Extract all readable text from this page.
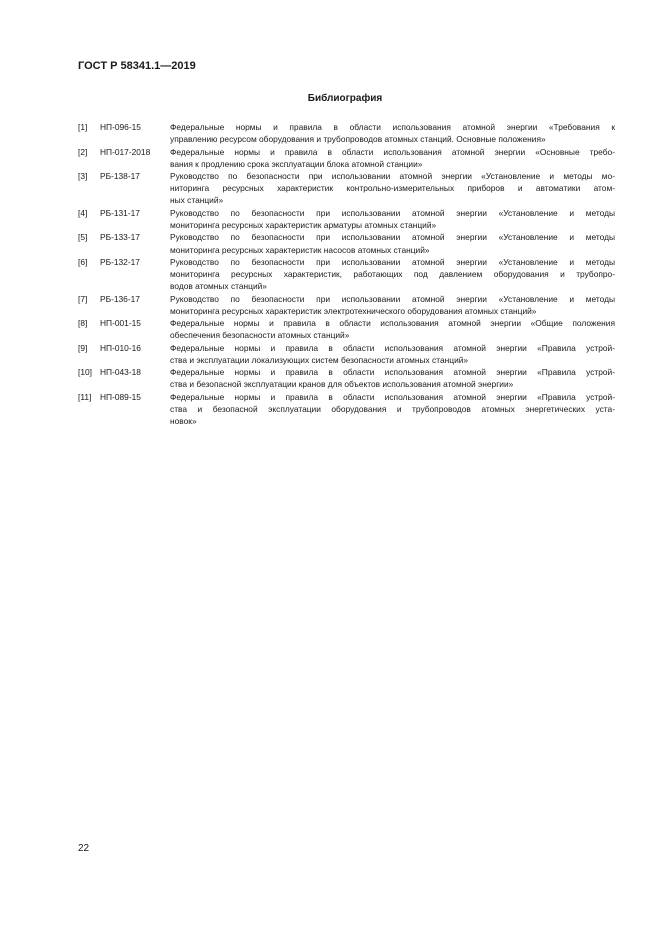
ГОСТ Р 58341.1—2019
Библиография
[1]	НП-096-15	Федеральные нормы и правила в области использования атомной энергии «Требования к
управлению ресурсом оборудования и трубопроводов атомных станций. Основные положения»
[2]	НП-017-2018	Федеральные нормы и правила в области использования атомной энергии «Основные требо-
вания к продлению срока эксплуатации блока атомной станции»
[3]	РБ-138-17	Руководство по безопасности при использовании атомной энергии «Установление и методы мо-
ниторинга ресурсных характеристик контрольно-измерительных приборов и автоматики атом-
ных станций»
[4]	РБ-131-17	Руководство по безопасности при использовании атомной энергии «Установление и методы
мониторинга ресурсных характеристик арматуры атомных станций»
[5]	РБ-133-17	Руководство по безопасности при использовании атомной энергии «Установление и методы
мониторинга ресурсных характеристик насосов атомных станций»
[6]	РБ-132-17	Руководство по безопасности при использовании атомной энергии «Установление и методы
мониторинга ресурсных характеристик, работающих под давлением оборудования и трубопро-
водов атомных станций»
[7]	РБ-136-17	Руководство по безопасности при использовании атомной энергии «Установление и методы
мониторинга ресурсных характеристик электротехнического оборудования атомных станций»
[8]	НП-001-15	Федеральные нормы и правила в области использования атомной энергии «Общие положения
обеспечения безопасности атомных станций»
[9]	НП-010-16	Федеральные нормы и правила в области использования атомной энергии «Правила устрой-
ства и эксплуатации локализующих систем безопасности атомных станций»
[10] НП-043-18	Федеральные нормы и правила в области использования атомной энергии «Правила устрой-
ства и безопасной эксплуатации кранов для объектов использования атомной энергии»
[11]	НП-089-15	Федеральные нормы и правила в области использования атомной энергии «Правила устрой-
ства и безопасной эксплуатации оборудования и трубопроводов атомных энергетических уста-
новок»
22
